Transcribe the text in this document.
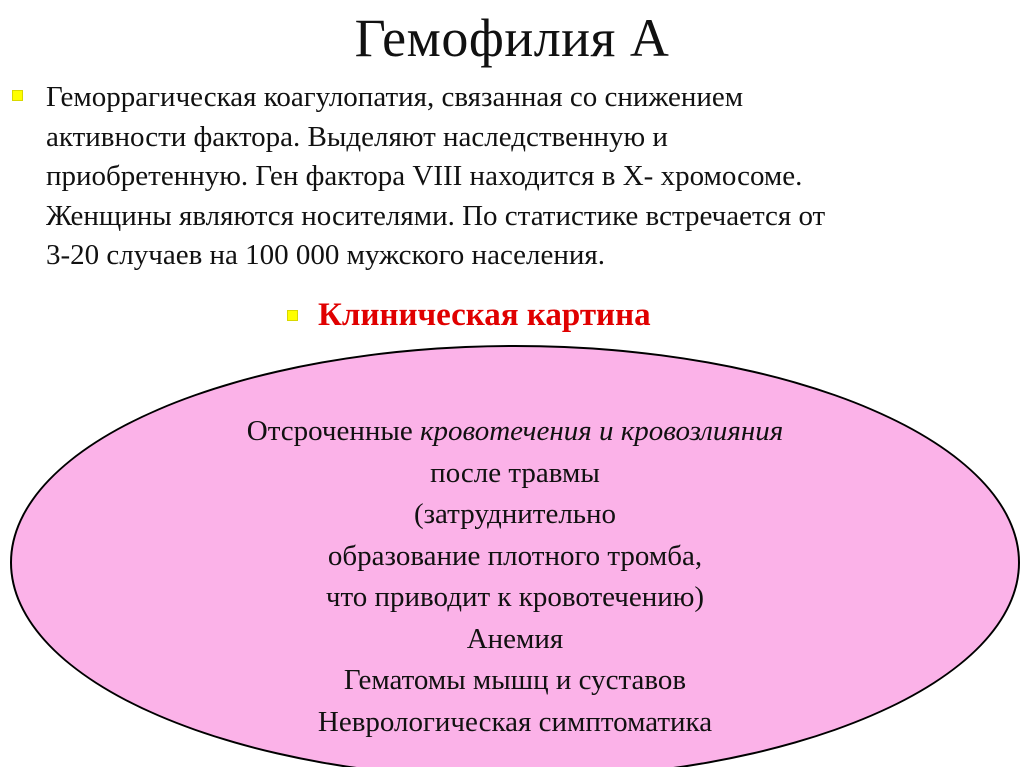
Гемофилия А

Геморрагическая коагулопатия, связанная со снижением
активности фактора. Выделяют наследственную и
приобретенную. Ген фактора VIII находится в Х- хромосоме.
Женщины являются носителями. По статистике встречается от
3-20 случаев на 100 000 мужского населения.

Клиническая картина
Отсроченные кровотечения и кровозлияния
после травмы
(затруднительно
образование плотного тромба,
что приводит к кровотечению)
Анемия
Гематомы мышц и суставов
Неврологическая симптоматика
